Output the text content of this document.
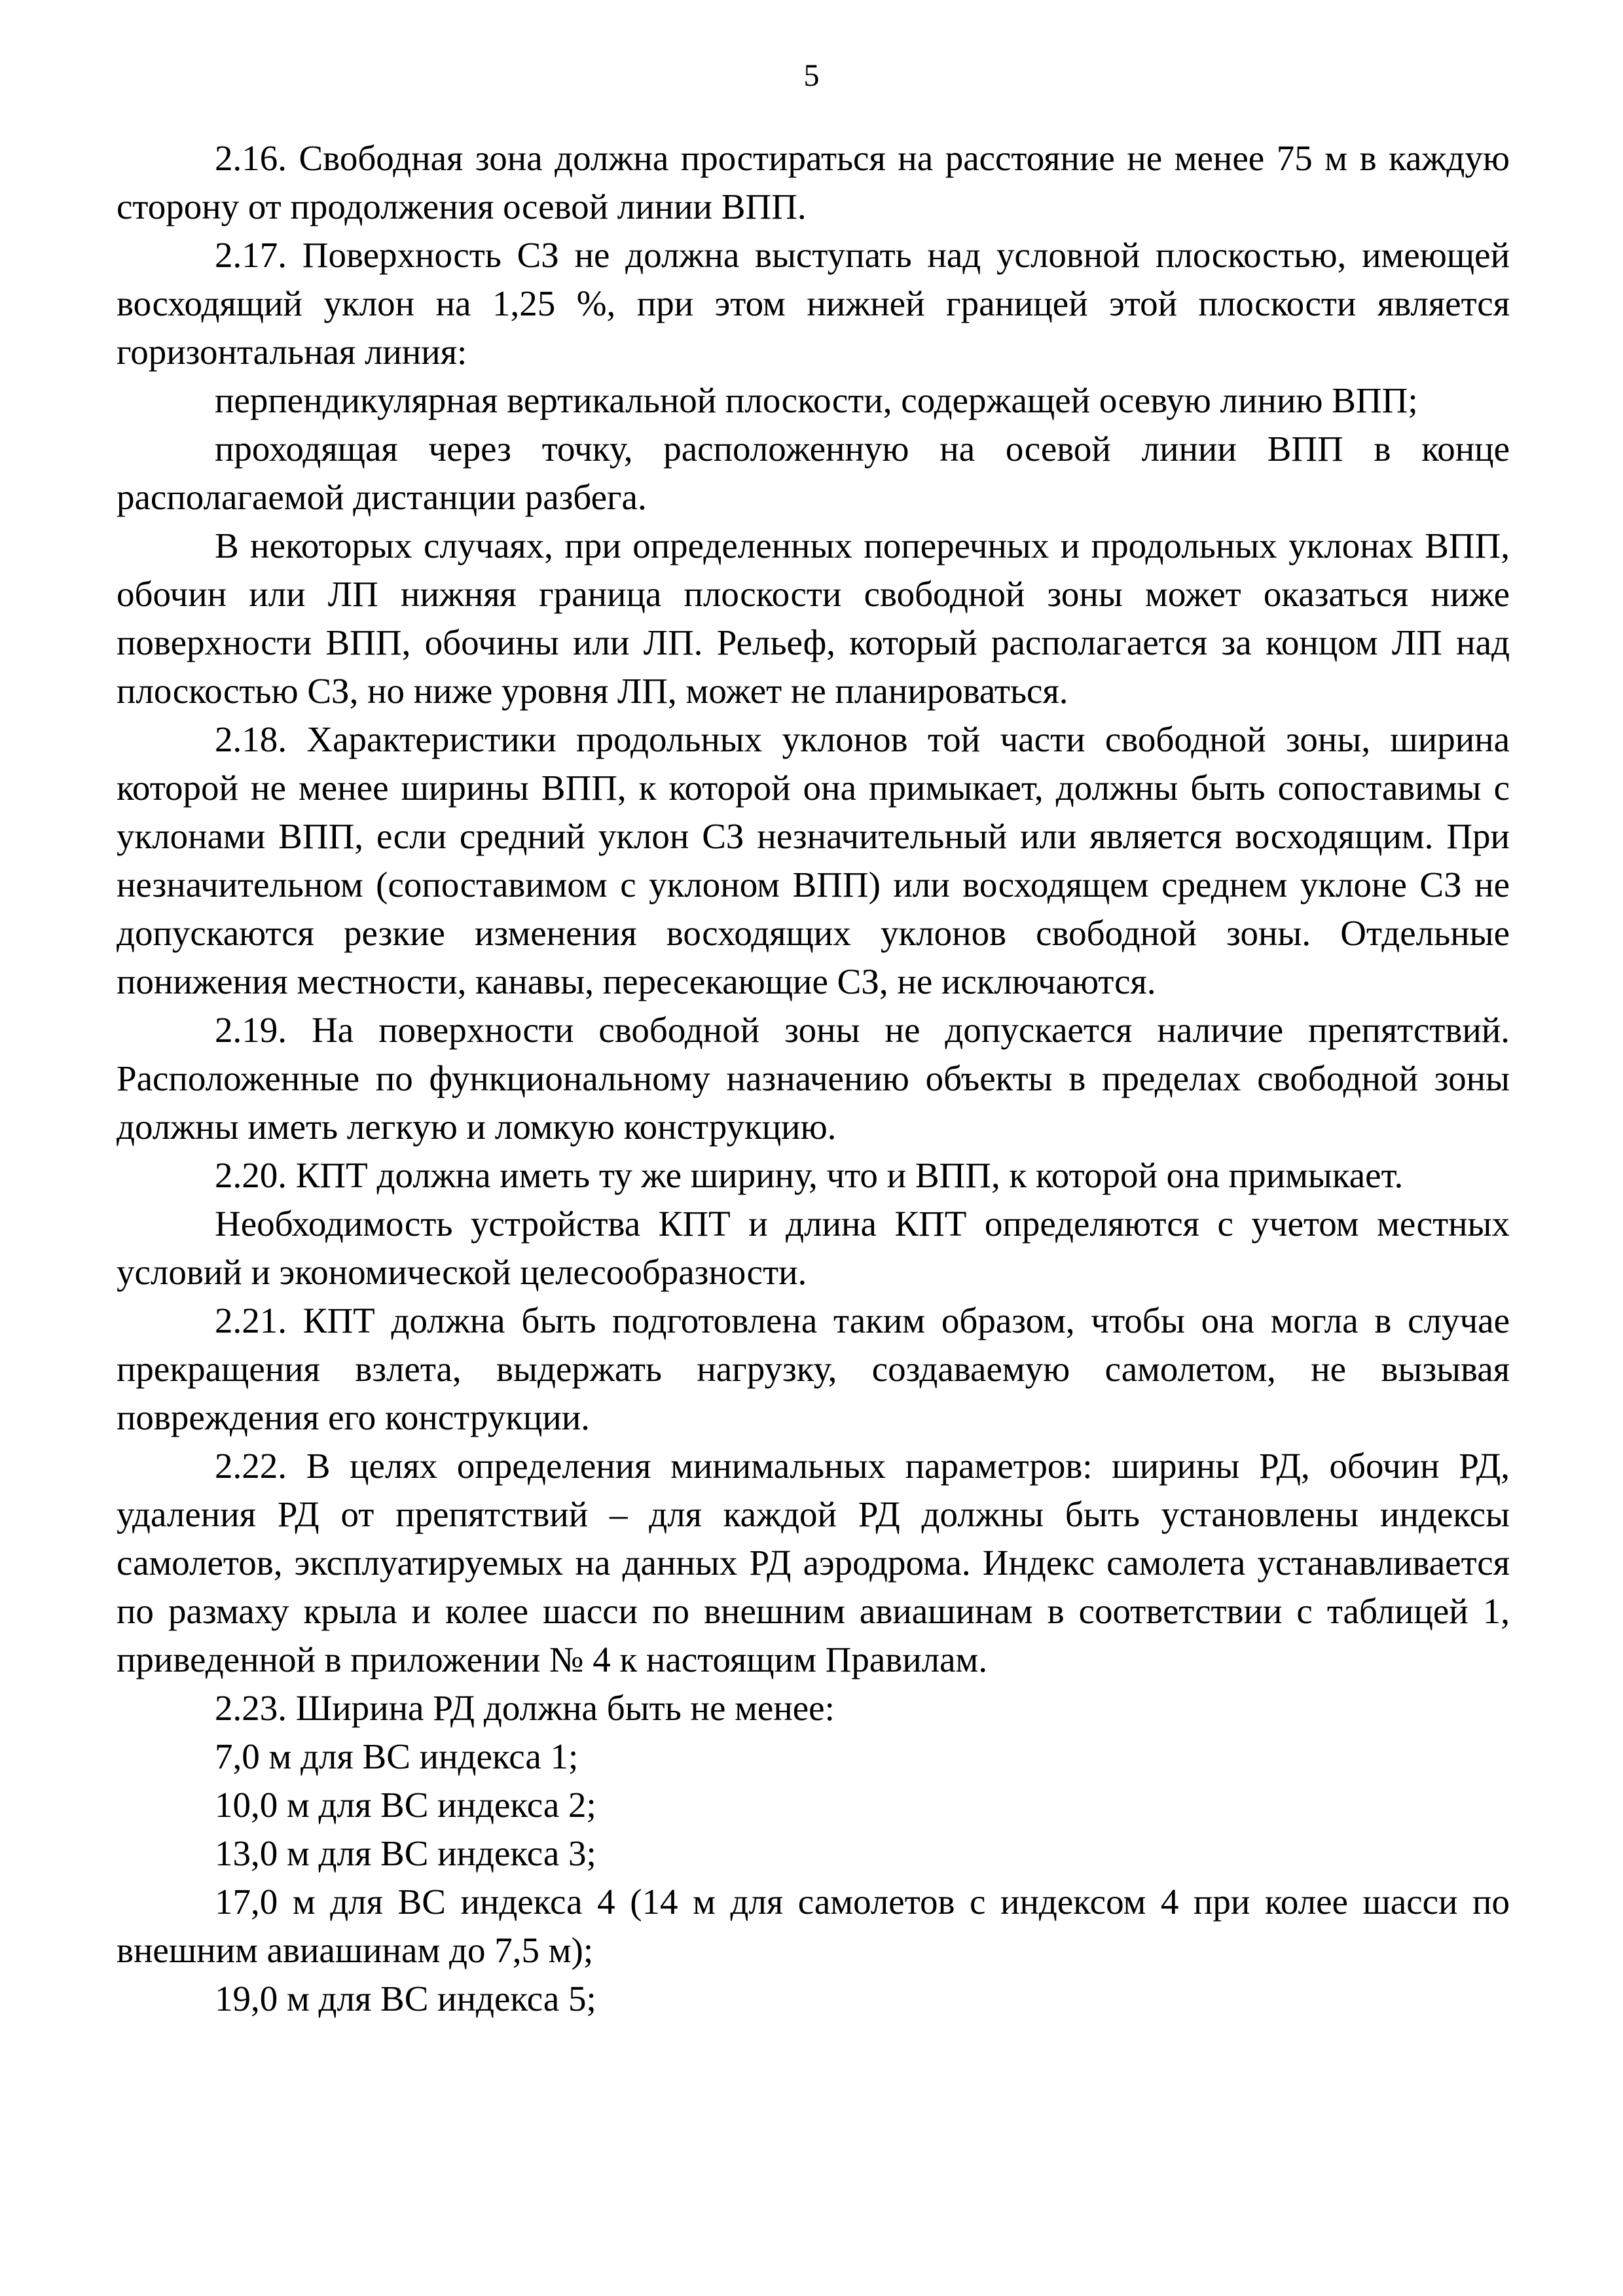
5

2.16. Свободная зона должна простираться на расстояние не менее 75 м в каждую сторону от продолжения осевой линии ВПП.

2.17. Поверхность СЗ не должна выступать над условной плоскостью, имеющей восходящий уклон на 1,25 %, при этом нижней границей этой плоскости является горизонтальная линия:

перпендикулярная вертикальной плоскости, содержащей осевую линию ВПП;

проходящая через точку, расположенную на осевой линии ВПП в конце располагаемой дистанции разбега.

В некоторых случаях, при определенных поперечных и продольных уклонах ВПП, обочин или ЛП нижняя граница плоскости свободной зоны может оказаться ниже поверхности ВПП, обочины или ЛП. Рельеф, который располагается за концом ЛП над плоскостью СЗ, но ниже уровня ЛП, может не планироваться.

2.18. Характеристики продольных уклонов той части свободной зоны, ширина которой не менее ширины ВПП, к которой она примыкает, должны быть сопоставимы с уклонами ВПП, если средний уклон СЗ незначительный или является восходящим. При незначительном (сопоставимом с уклоном ВПП) или восходящем среднем уклоне СЗ не допускаются резкие изменения восходящих уклонов свободной зоны. Отдельные понижения местности, канавы, пересекающие СЗ, не исключаются.

2.19. На поверхности свободной зоны не допускается наличие препятствий. Расположенные по функциональному назначению объекты в пределах свободной зоны должны иметь легкую и ломкую конструкцию.

2.20. КПТ должна иметь ту же ширину, что и ВПП, к которой она примыкает.

Необходимость устройства КПТ и длина КПТ определяются с учетом местных условий и экономической целесообразности.

2.21. КПТ должна быть подготовлена таким образом, чтобы она могла в случае прекращения взлета, выдержать нагрузку, создаваемую самолетом, не вызывая повреждения его конструкции.

2.22. В целях определения минимальных параметров: ширины РД, обочин РД, удаления РД от препятствий – для каждой РД должны быть установлены индексы самолетов, эксплуатируемых на данных РД аэродрома. Индекс самолета устанавливается по размаху крыла и колее шасси по внешним авиашинам в соответствии с таблицей 1, приведенной в приложении № 4 к настоящим Правилам.

2.23. Ширина РД должна быть не менее:

7,0 м для ВС индекса 1;

10,0 м для ВС индекса 2;

13,0 м для ВС индекса 3;

17,0 м для ВС индекса 4 (14 м для самолетов с индексом 4 при колее шасси по внешним авиашинам до 7,5 м);

19,0 м для ВС индекса 5;
